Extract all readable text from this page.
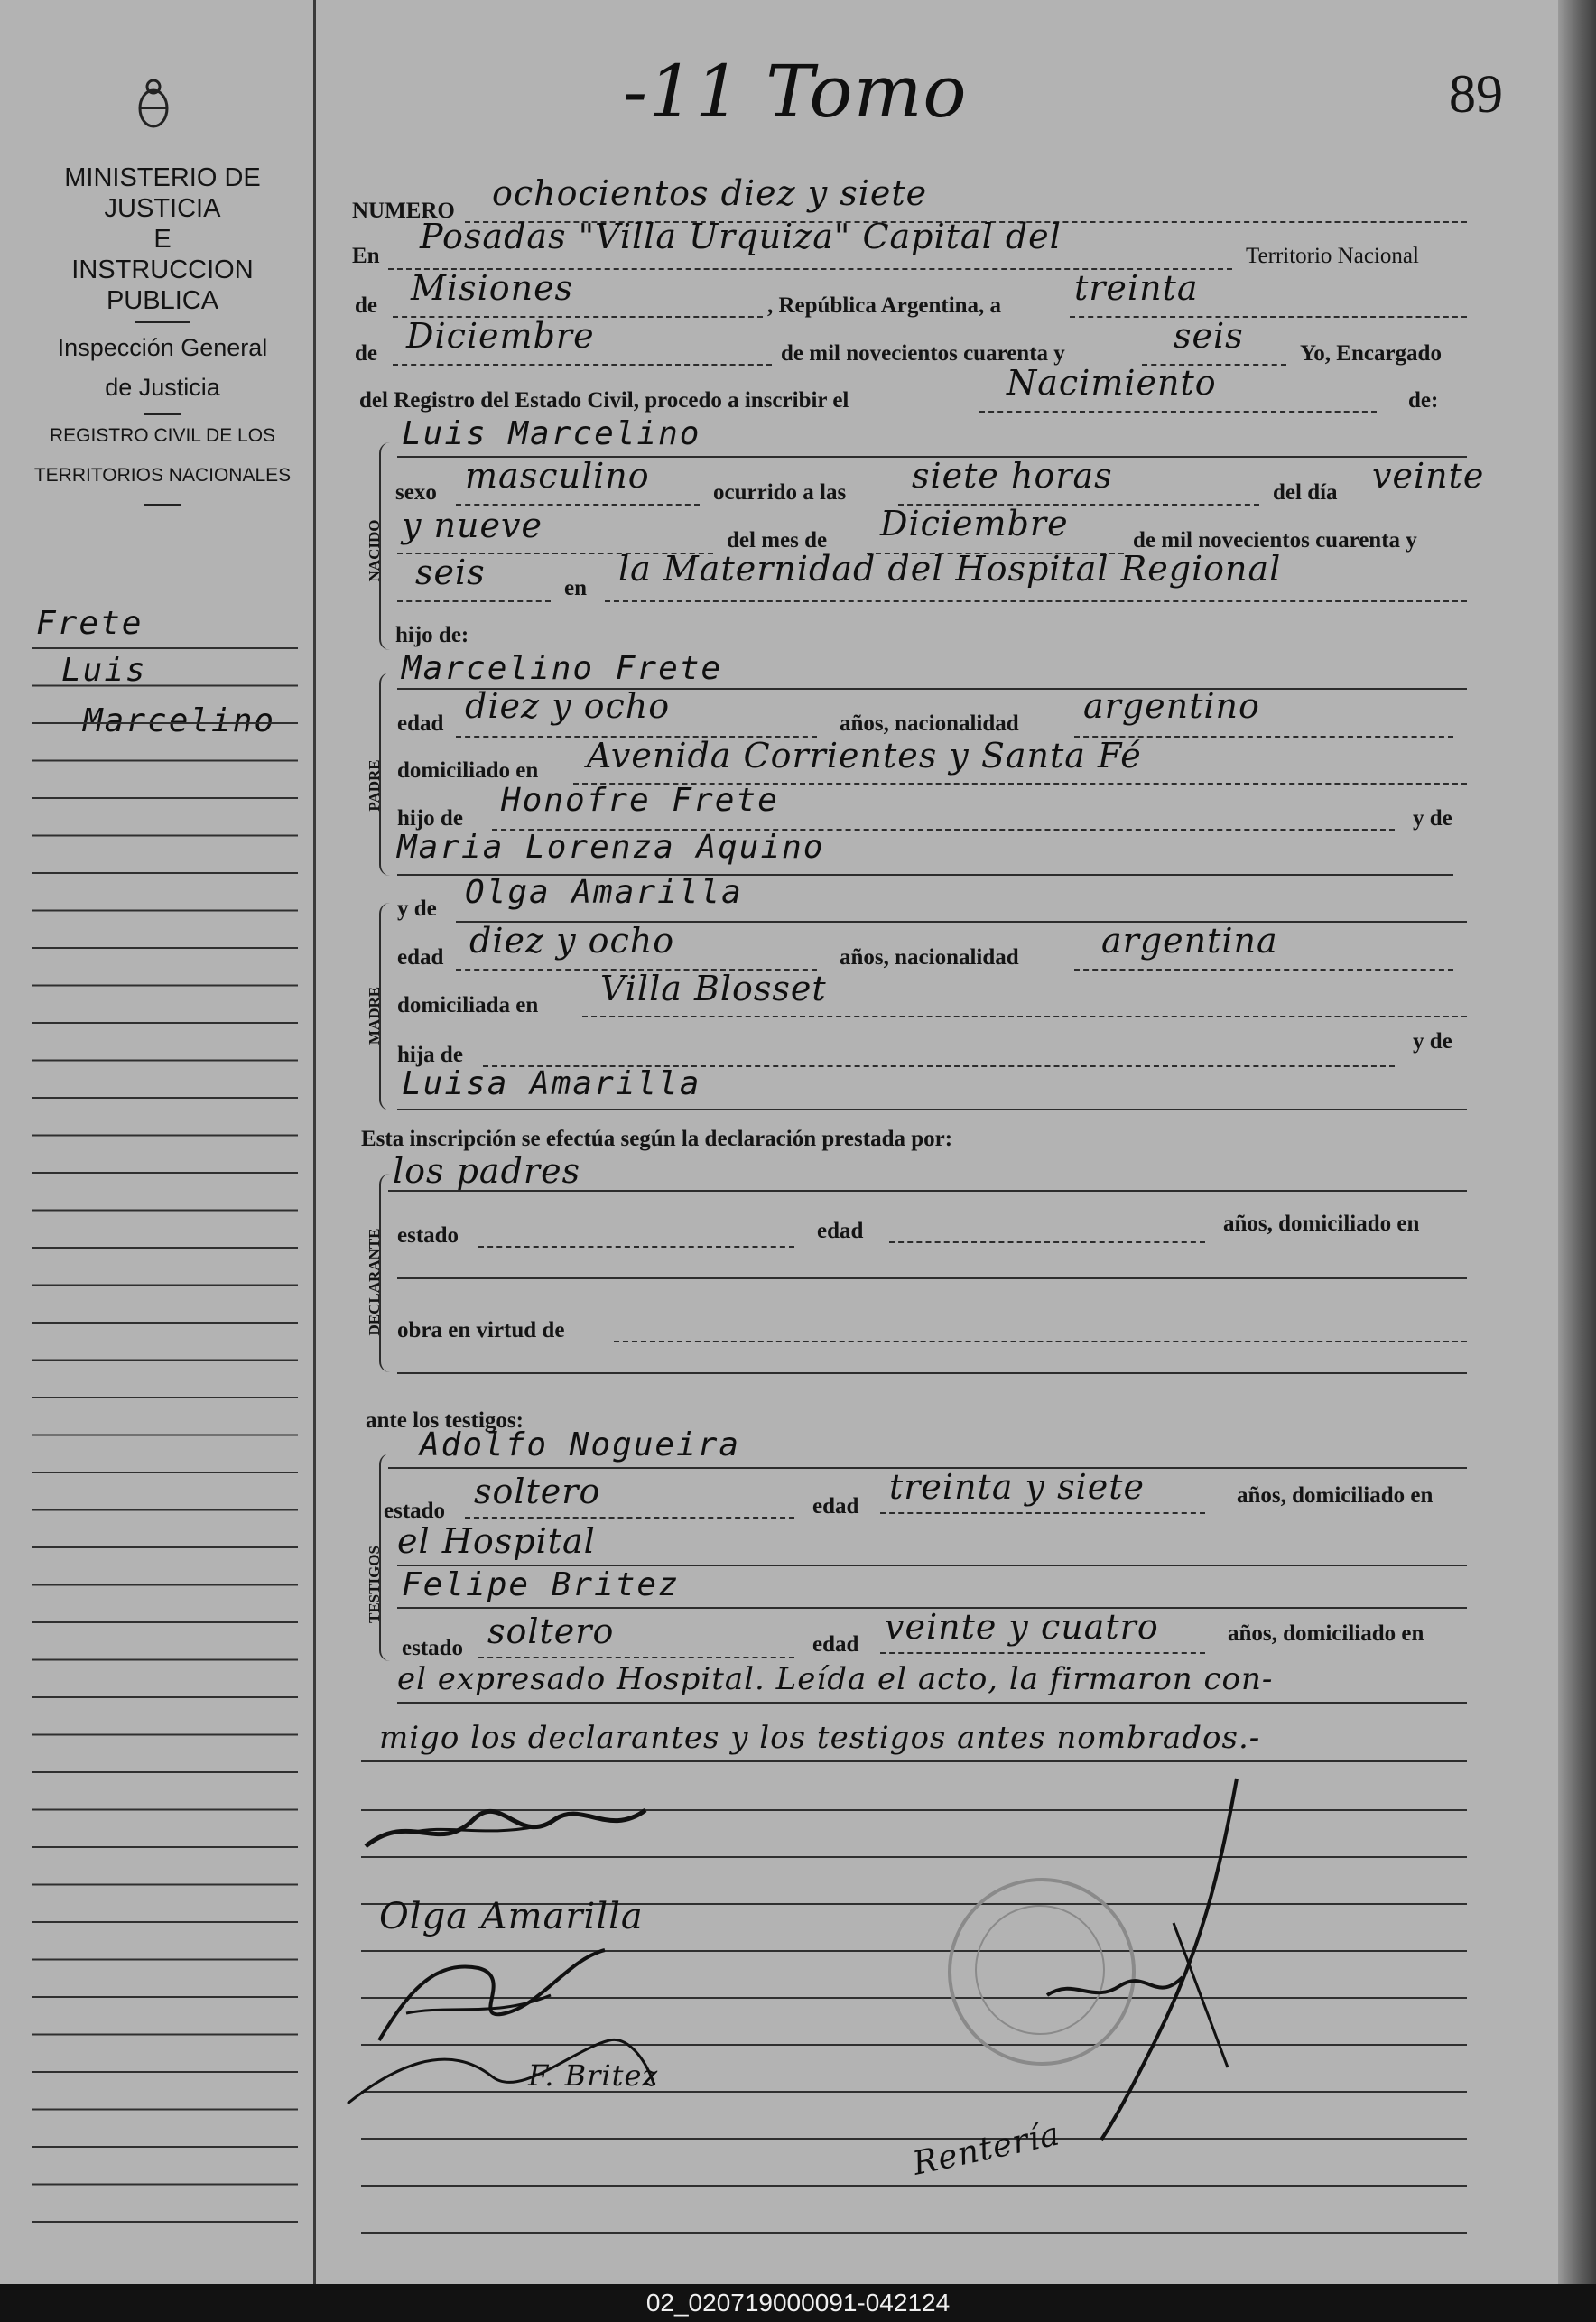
MINISTERIO DE JUSTICIA
E
INSTRUCCION PUBLICA
Inspección General
de Justicia
REGISTRO CIVIL DE LOS
TERRITORIOS NACIONALES
Frete
Luis
Marcelino
89
-11 Tomo
NUMERO ochocientos diez y siete
En Posadas "Villa Urquiza" Capital del	Territorio Nacional
de Misiones	, República Argentina, a treinta
de Diciembre	de mil novecientos cuarenta y	seis Yo, Encargado
del Registro del Estado Civil, procedo a inscribir el	Nacimiento	de:
Luis Marcelino
NACIDO
sexo masculino	ocurrido a las siete horas	del día veinte
y nueve	del mes de Diciembre	de mil novecientos cuarenta y
seis	en la Maternidad del Hospital Regional
hijo de:
Marcelino Frete
PADRE
edad diez y ocho	años, nacionalidad argentino
domiciliado en Avenida Corrientes y Santa Fé
hijo de Honofre Frete	y de
Maria Lorenza Aquino
y de Olga Amarilla
MADRE
edad diez y ocho	años, nacionalidad argentina
domiciliada en Villa Blosset
hija de
y de
Luisa Amarilla
Esta inscripción se efectúa según la declaración prestada por:
los padres
DECLARANTE estado	edad	años, domiciliado en
obra en virtud de
ante los testigos:
Adolfo Nogueira
TESTIGOS
estado soltero	edad treinta y siete	años, domiciliado en
el Hospital
Felipe Britez
estado soltero	edad veinte y cuatro	años, domiciliado en
el expresado Hospital. Leída el acto, la firmaron con-
migo los declarantes y los testigos antes nombrados.-
Olga Amarilla
F. Britez
Rentería
02_020719000091-042124
